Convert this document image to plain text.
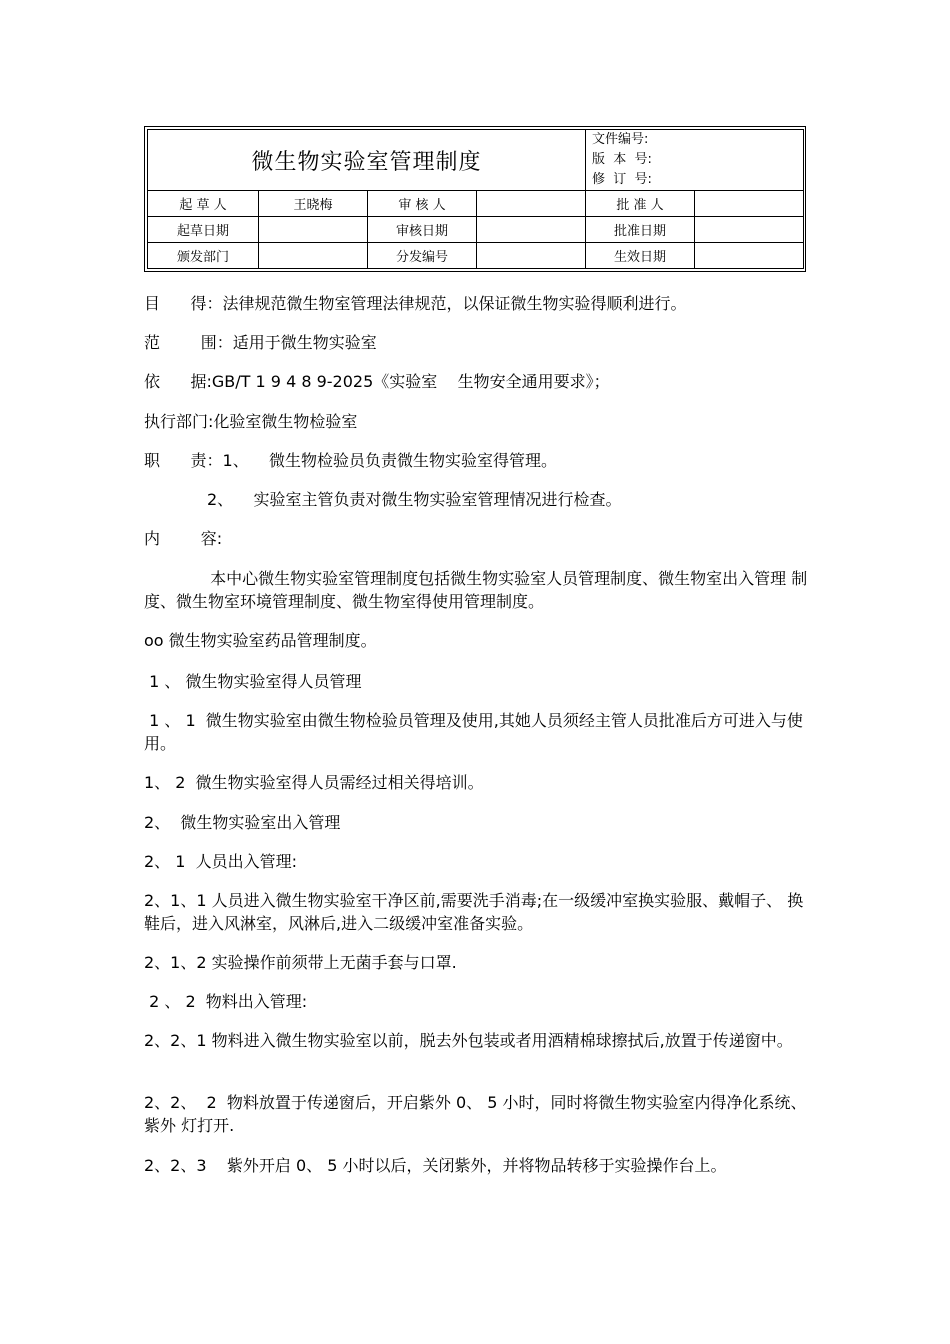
微生物实验室管理制度				文件编号:
版  本  号:
修  订  号:	

起 草 人	王晓梅	审 核 人		批 准 人	
起草日期		审核日期		批准日期	
颁发部门		分发编号		生效日期	
目      得：法律规范微生物室管理法律规范，以保证微生物实验得顺利进行。
范        围：适用于微生物实验室
依      据:GB/T 1 9 4 8 9-2025《实验室    生物安全通用要求》；
执行部门:化验室微生物检验室
职      责：1、    微生物检验员负责微生物实验室得管理。
2、    实验室主管负责对微生物实验室管理情况进行检查。
内        容:
本中心微生物实验室管理制度包括微生物实验室人员管理制度、微生物室出入管理 制度、微生物室环境管理制度、微生物室得使用管理制度。
oo 微生物实验室药品管理制度。
1 、 微生物实验室得人员管理
1 、 1  微生物实验室由微生物检验员管理及使用,其她人员须经主管人员批准后方可进入与使 用。
1、 2  微生物实验室得人员需经过相关得培训。
2、  微生物实验室出入管理
2、 1  人员出入管理:
2、1、1 人员进入微生物实验室干净区前,需要洗手消毒;在一级缓冲室换实验服、戴帽子、 换鞋后，进入风淋室，风淋后,进入二级缓冲室准备实验。
2、1、2 实验操作前须带上无菌手套与口罩.
2 、 2  物料出入管理:
2、2、1 物料进入微生物实验室以前，脱去外包装或者用酒精棉球擦拭后,放置于传递窗中。
2、2、  2  物料放置于传递窗后，开启紫外 0、 5 小时，同时将微生物实验室内得净化系统、紫外 灯打开.
2、2、3    紫外开启 0、 5 小时以后，关闭紫外，并将物品转移于实验操作台上。
